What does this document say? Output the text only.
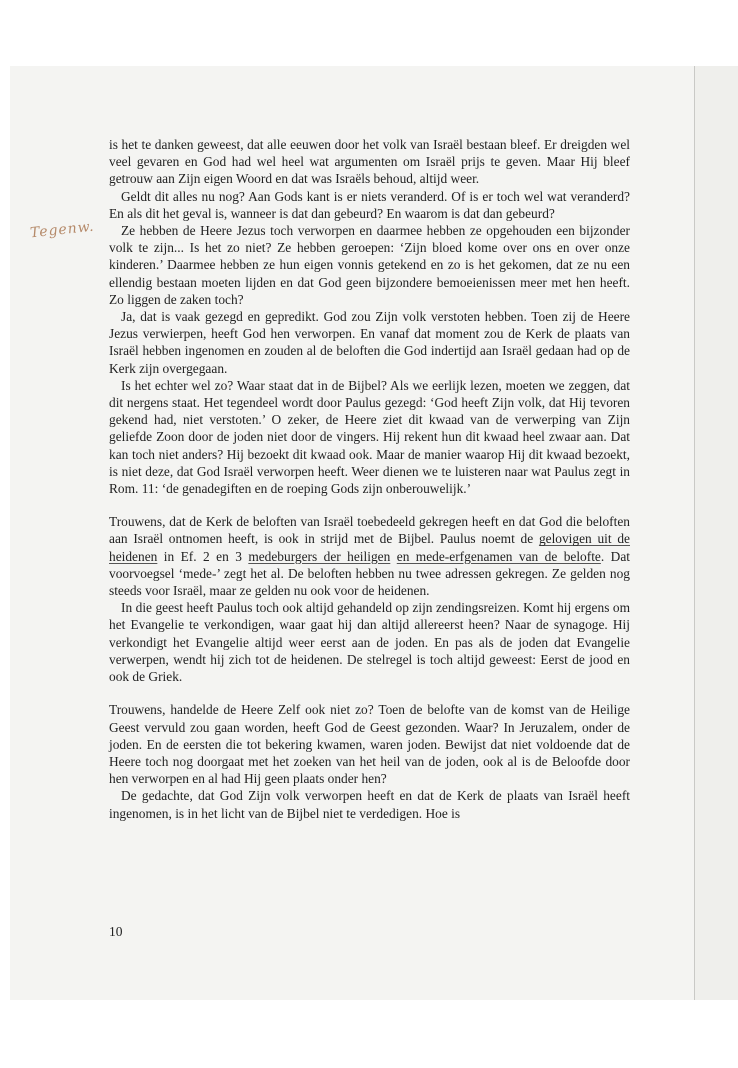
Tegenw.

is het te danken geweest, dat alle eeuwen door het volk van Israël bestaan bleef. Er dreigden wel veel gevaren en God had wel heel wat argumenten om Israël prijs te geven. Maar Hij bleef getrouw aan Zijn eigen Woord en dat was Israëls behoud, altijd weer.

Geldt dit alles nu nog? Aan Gods kant is er niets veranderd. Of is er toch wel wat veranderd? En als dit het geval is, wanneer is dat dan gebeurd? En waarom is dat dan gebeurd?

Ze hebben de Heere Jezus toch verworpen en daarmee hebben ze opgehouden een bijzonder volk te zijn... Is het zo niet? Ze hebben geroepen: ‘Zijn bloed kome over ons en over onze kinderen.’ Daarmee hebben ze hun eigen vonnis getekend en zo is het gekomen, dat ze nu een ellendig bestaan moeten lijden en dat God geen bijzondere bemoeienissen meer met hen heeft. Zo liggen de zaken toch?

Ja, dat is vaak gezegd en gepredikt. God zou Zijn volk verstoten hebben. Toen zij de Heere Jezus verwierpen, heeft God hen verworpen. En vanaf dat moment zou de Kerk de plaats van Israël hebben ingenomen en zouden al de beloften die God indertijd aan Israël gedaan had op de Kerk zijn overgegaan.

Is het echter wel zo? Waar staat dat in de Bijbel? Als we eerlijk lezen, moeten we zeggen, dat dit nergens staat. Het tegendeel wordt door Paulus gezegd: ‘God heeft Zijn volk, dat Hij tevoren gekend had, niet verstoten.’ O zeker, de Heere ziet dit kwaad van de verwerping van Zijn geliefde Zoon door de joden niet door de vingers. Hij rekent hun dit kwaad heel zwaar aan. Dat kan toch niet anders? Hij bezoekt dit kwaad ook. Maar de manier waarop Hij dit kwaad bezoekt, is niet deze, dat God Israël verworpen heeft. Weer dienen we te luisteren naar wat Paulus zegt in Rom. 11: ‘de genadegiften en de roeping Gods zijn onberouwelijk.’

Trouwens, dat de Kerk de beloften van Israël toebedeeld gekregen heeft en dat God die beloften aan Israël ontnomen heeft, is ook in strijd met de Bijbel. Paulus noemt de gelovigen uit de heidenen in Ef. 2 en 3 medeburgers der heiligen en mede-erfgenamen van de belofte. Dat voorvoegsel ‘mede-’ zegt het al. De beloften hebben nu twee adressen gekregen. Ze gelden nog steeds voor Israël, maar ze gelden nu ook voor de heidenen.

In die geest heeft Paulus toch ook altijd gehandeld op zijn zendingsreizen. Komt hij ergens om het Evangelie te verkondigen, waar gaat hij dan altijd allereerst heen? Naar de synagoge. Hij verkondigt het Evangelie altijd weer eerst aan de joden. En pas als de joden dat Evangelie verwerpen, wendt hij zich tot de heidenen. De stelregel is toch altijd geweest: Eerst de jood en ook de Griek.

Trouwens, handelde de Heere Zelf ook niet zo? Toen de belofte van de komst van de Heilige Geest vervuld zou gaan worden, heeft God de Geest gezonden. Waar? In Jeruzalem, onder de joden. En de eersten die tot bekering kwamen, waren joden. Bewijst dat niet voldoende dat de Heere toch nog doorgaat met het zoeken van het heil van de joden, ook al is de Beloofde door hen verworpen en al had Hij geen plaats onder hen?

De gedachte, dat God Zijn volk verworpen heeft en dat de Kerk de plaats van Israël heeft ingenomen, is in het licht van de Bijbel niet te verdedigen. Hoe is

10
